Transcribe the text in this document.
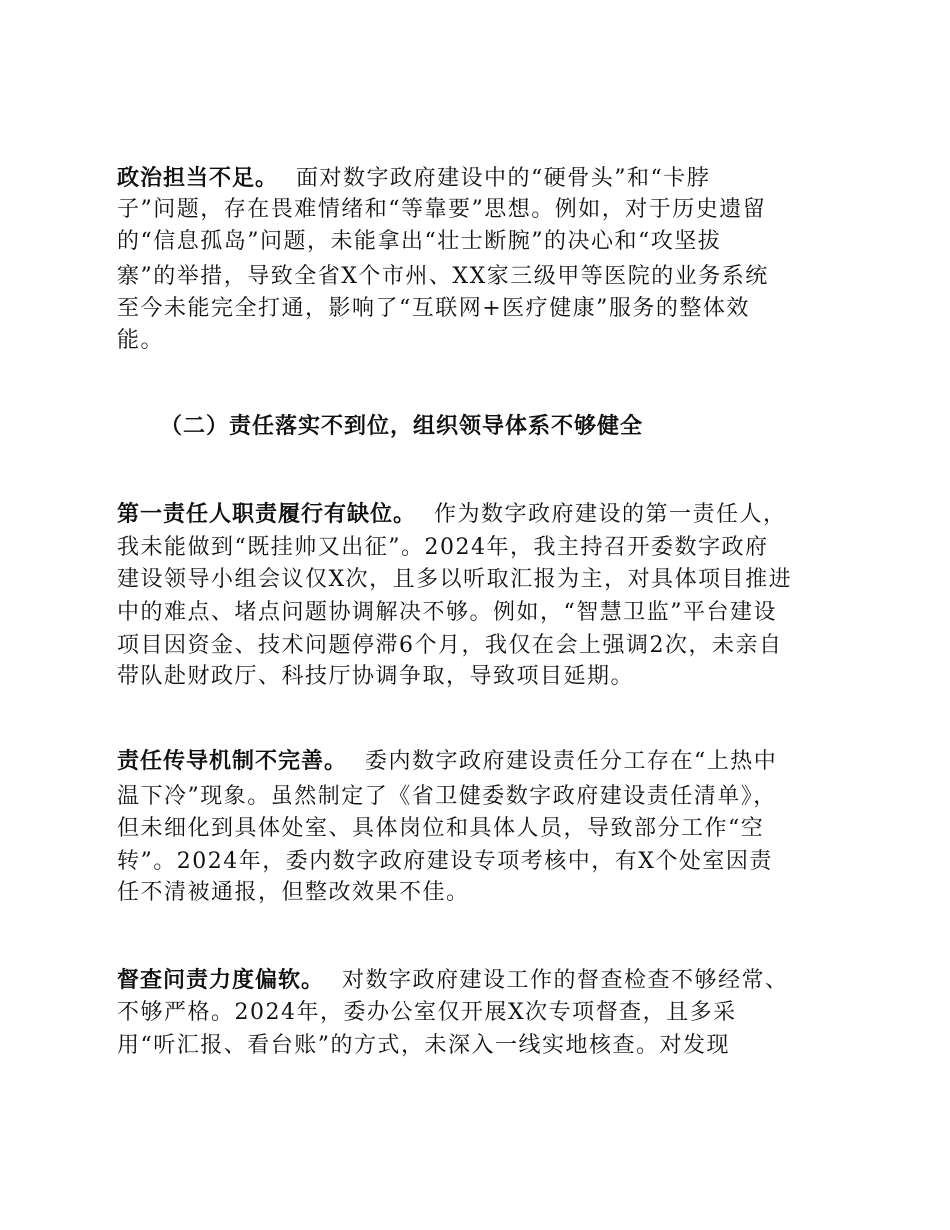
政治担当不足。 面对数字政府建设中的“硬骨头”和“卡脖
子”问题，存在畏难情绪和“等靠要”思想。例如，对于历史遗留
的“信息孤岛”问题，未能拿出“壮士断腕”的决心和“攻坚拔
寨”的举措，导致全省X个市州、XX家三级甲等医院的业务系统
至今未能完全打通，影响了“互联网+医疗健康”服务的整体效
能。
（二）责任落实不到位，组织领导体系不够健全
第一责任人职责履行有缺位。 作为数字政府建设的第一责任人，
我未能做到“既挂帅又出征”。2024年，我主持召开委数字政府
建设领导小组会议仅X次，且多以听取汇报为主，对具体项目推进
中的难点、堵点问题协调解决不够。例如，“智慧卫监”平台建设
项目因资金、技术问题停滞6个月，我仅在会上强调2次，未亲自
带队赴财政厅、科技厅协调争取，导致项目延期。
责任传导机制不完善。 委内数字政府建设责任分工存在“上热中
温下冷”现象。虽然制定了《省卫健委数字政府建设责任清单》，
但未细化到具体处室、具体岗位和具体人员，导致部分工作“空
转”。2024年，委内数字政府建设专项考核中，有X个处室因责
任不清被通报，但整改效果不佳。
督查问责力度偏软。 对数字政府建设工作的督查检查不够经常、
不够严格。2024年，委办公室仅开展X次专项督查，且多采
用“听汇报、看台账”的方式，未深入一线实地核查。对发现
